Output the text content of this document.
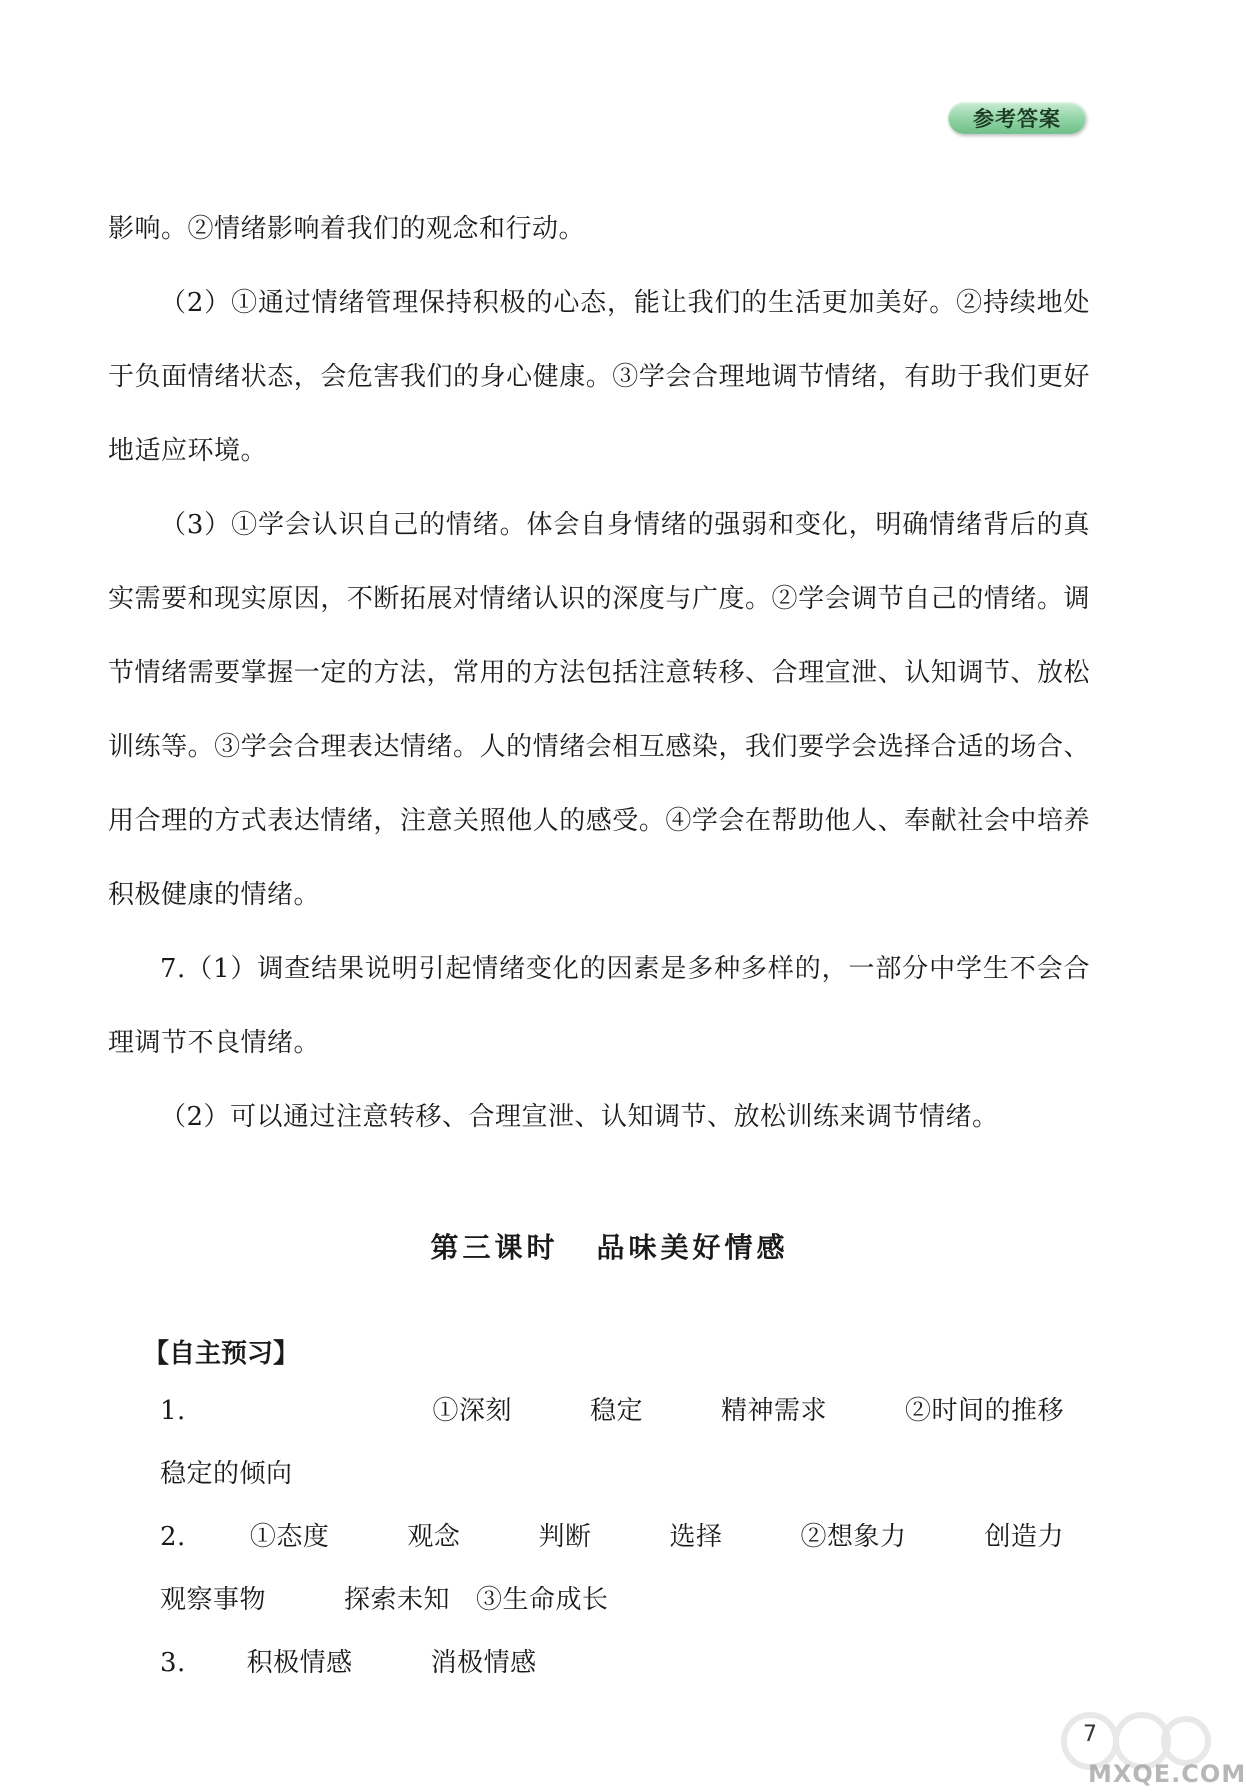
参考答案

影响。②情绪影响着我们的观念和行动。

（2）①通过情绪管理保持积极的心态，能让我们的生活更加美好。②持续地处于负面情绪状态，会危害我们的身心健康。③学会合理地调节情绪，有助于我们更好地适应环境。

（3）①学会认识自己的情绪。体会自身情绪的强弱和变化，明确情绪背后的真实需要和现实原因，不断拓展对情绪认识的深度与广度。②学会调节自己的情绪。调节情绪需要掌握一定的方法，常用的方法包括注意转移、合理宣泄、认知调节、放松训练等。③学会合理表达情绪。人的情绪会相互感染，我们要学会选择合适的场合、用合理的方式表达情绪，注意关照他人的感受。④学会在帮助他人、奉献社会中培养积极健康的情绪。

7.（1）调查结果说明引起情绪变化的因素是多种多样的，一部分中学生不会合理调节不良情绪。

（2）可以通过注意转移、合理宣泄、认知调节、放松训练来调节情绪。

第三课时 品味美好情感
【自主预习】

1.	①深刻	稳定	精神需求	②时间的推移稳定的倾向

2. ①态度	观念	判断	选择	②想象力	创造力观察事物	探索未知 ③生命成长

3. 积极情感	消极情感

7
MXQE.COM
